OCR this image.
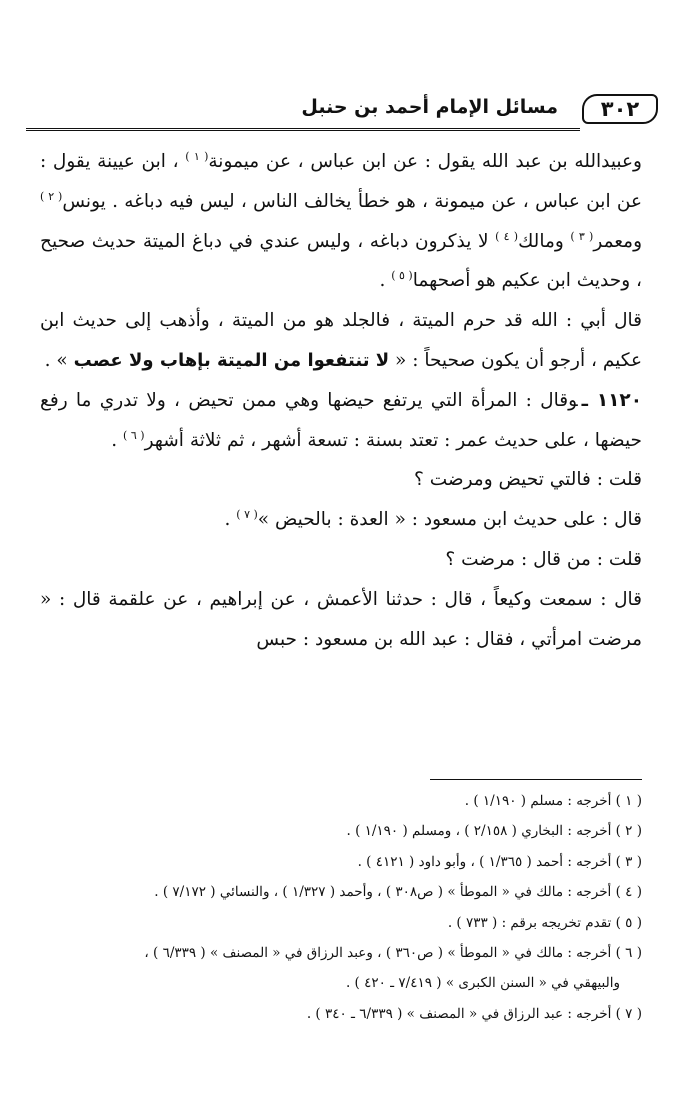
٣٠٢
مسائل الإمام أحمد بن حنبل

وعبيدالله بن عبد الله يقول : عن ابن عباس ، عن ميمونة$^{( ١ )}$ ، ابن عيينة يقول : عن ابن عباس ، عن ميمونة ، هو خطأ يخالف الناس ، ليس فيه دباغه . يونس$^{( ٢ )}$ ومعمر$^{( ٣ )}$ ومالك$^{( ٤ )}$ لا يذكرون دباغه ، وليس عندي في دباغ الميتة حديث صحيح ، وحديث ابن عكيم هو أصحهما$^{( ٥ )}$ .

قال أبي : الله قد حرم الميتة ، فالجلد هو من الميتة ، وأذهب إلى حديث ابن عكيم ، أرجو أن يكون صحيحاً : « لا تنتفعوا من الميتة بإهاب ولا عصب » .

١١٢٠ ـوقال : المرأة التي يرتفع حيضها وهي ممن تحيض ، ولا تدري ما رفع حيضها ، على حديث عمر : تعتد بسنة : تسعة أشهر ، ثم ثلاثة أشهر$^{( ٦ )}$ .

قلت : فالتي تحيض ومرضت ؟

قال : على حديث ابن مسعود : « العدة : بالحيض »$^{( ٧ )}$ .

قلت : من قال : مرضت ؟

قال : سمعت وكيعاً ، قال : حدثنا الأعمش ، عن إبراهيم ، عن علقمة قال : « مرضت امرأتي ، فقال : عبد الله بن مسعود : حبس

( ١ ) أخرجه : مسلم ( ١/١٩٠ ) .

( ٢ ) أخرجه : البخاري ( ٢/١٥٨ ) ، ومسلم ( ١/١٩٠ ) .

( ٣ ) أخرجه : أحمد ( ١/٣٦٥ ) ، وأبو داود ( ٤١٢١ ) .

( ٤ ) أخرجه : مالك في « الموطأ » ( ص٣٠٨ ) ، وأحمد ( ١/٣٢٧ ) ، والنسائي ( ٧/١٧٢ ) .

( ٥ ) تقدم تخريجه برقم : ( ٧٣٣ ) .

( ٦ ) أخرجه : مالك في « الموطأ » ( ص٣٦٠ ) ، وعبد الرزاق في « المصنف » ( ٦/٣٣٩ ) ،

والبيهقي في « السنن الكبرى » ( ٧/٤١٩ ـ ٤٢٠ ) .

( ٧ ) أخرجه : عبد الرزاق في « المصنف » ( ٦/٣٣٩ ـ ٣٤٠ ) .
